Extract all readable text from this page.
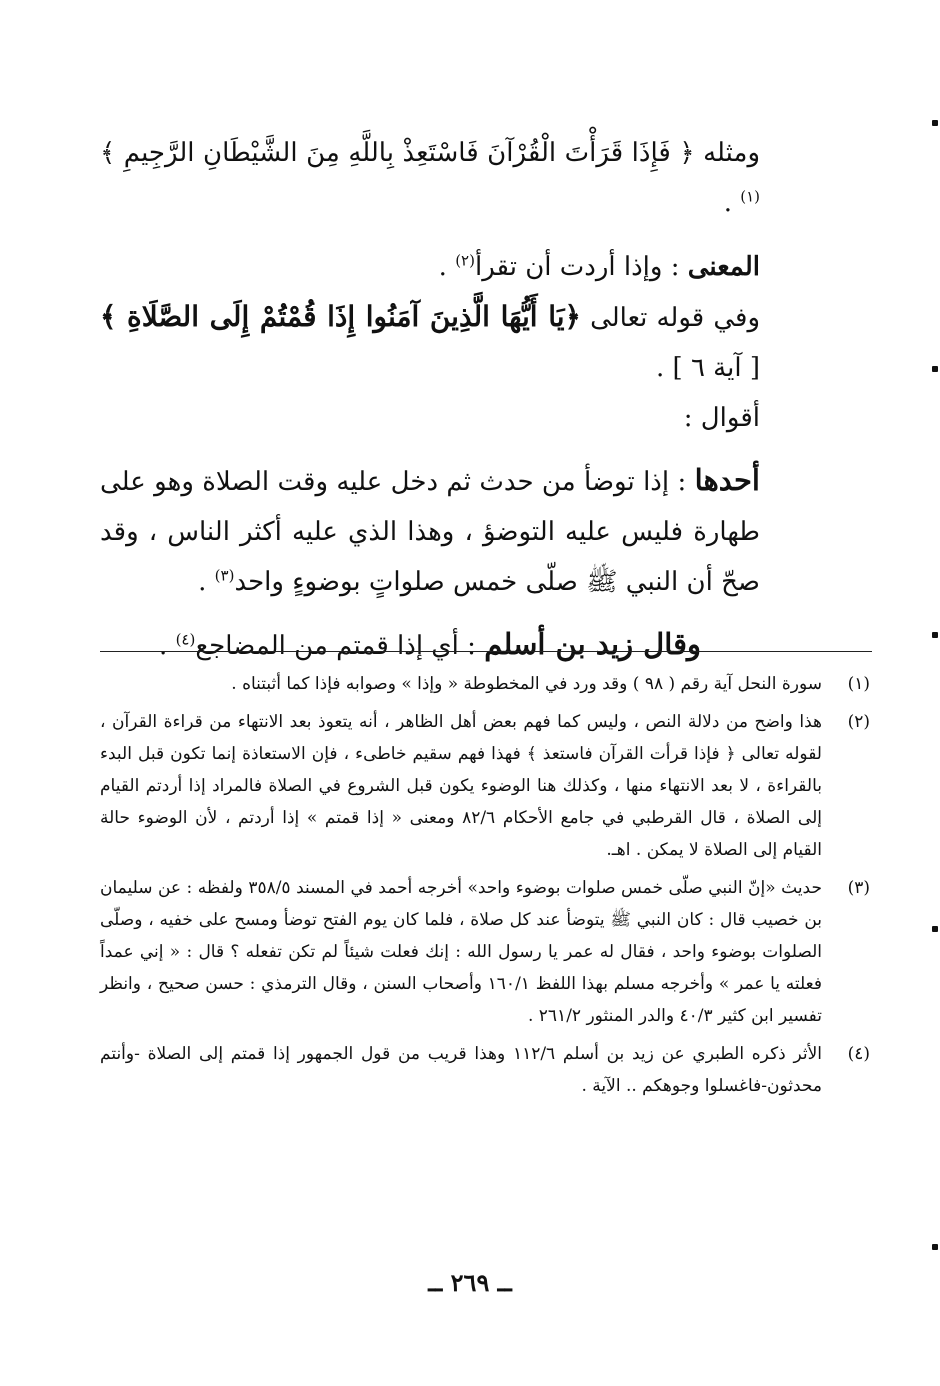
ومثله ﴿ فَإِذَا قَرَأْتَ الْقُرْآنَ فَاسْتَعِذْ بِاللَّهِ مِنَ الشَّيْطَانِ الرَّجِيمِ ﴾$^{(١)}$ .

المعنى : وإذا أردت أن تقرأ$^{(٢)}$ .

وفي قوله تعالى ﴿يَا أَيُّهَا الَّذِينَ آمَنُوا إِذَا قُمْتُمْ إِلَى الصَّلَاةِ ﴾ [ آية ٦ ] .

أقوال :

أحدها : إذا توضأ من حدث ثم دخل عليه وقت الصلاة وهو على طهارة فليس عليه التوضؤ ، وهذا الذي عليه أكثر الناس ، وقد صحّ أن النبي ﷺ صلّى خمس صلواتٍ بوضوءٍ واحد$^{(٣)}$ .

وقال زيد بن أسلم : أي إذا قمتم من المضاجع$^{(٤)}$ .

(١)
سورة النحل آية رقم ( ٩٨ ) وقد ورد في المخطوطة « وإذا » وصوابه فإذا كما أثبتناه .
(٢)
هذا واضح من دلالة النص ، وليس كما فهم بعض أهل الظاهر ، أنه يتعوذ بعد الانتهاء من قراءة القرآن ، لقوله تعالى ﴿ فإذا قرأت القرآن فاستعذ ﴾ فهذا فهم سقيم خاطىء ، فإن الاستعاذة إنما تكون قبل البدء بالقراءة ، لا بعد الانتهاء منها ، وكذلك هنا الوضوء يكون قبل الشروع في الصلاة فالمراد إذا أردتم القيام إلى الصلاة ، قال القرطبي في جامع الأحكام ٨٢/٦ ومعنى « إذا قمتم » إذا أردتم ، لأن الوضوء حالة القيام إلى الصلاة لا يمكن . اهـ.
(٣)
حديث «إنّ النبي صلّى خمس صلوات بوضوء واحد» أخرجه أحمد في المسند ٣٥٨/٥ ولفظه : عن سليمان بن خصيب قال : كان النبي ﷺ يتوضأ عند كل صلاة ، فلما كان يوم الفتح توضأ ومسح على خفيه ، وصلّى الصلوات بوضوء واحد ، فقال له عمر يا رسول الله : إنك فعلت شيئاً لم تكن تفعله ؟ قال : « إني عمداً فعلته يا عمر » وأخرجه مسلم بهذا اللفظ ١٦٠/١ وأصحاب السنن ، وقال الترمذي : حسن صحيح ، وانظر تفسير ابن كثير ٤٠/٣ والدر المنثور ٢٦١/٢ .
(٤)
الأثر ذكره الطبري عن زيد بن أسلم ١١٢/٦ وهذا قريب من قول الجمهور إذا قمتم إلى الصلاة -وأنتم محدثون-فاغسلوا وجوهكم .. الآية .
ــ ٢٦٩ ــ
